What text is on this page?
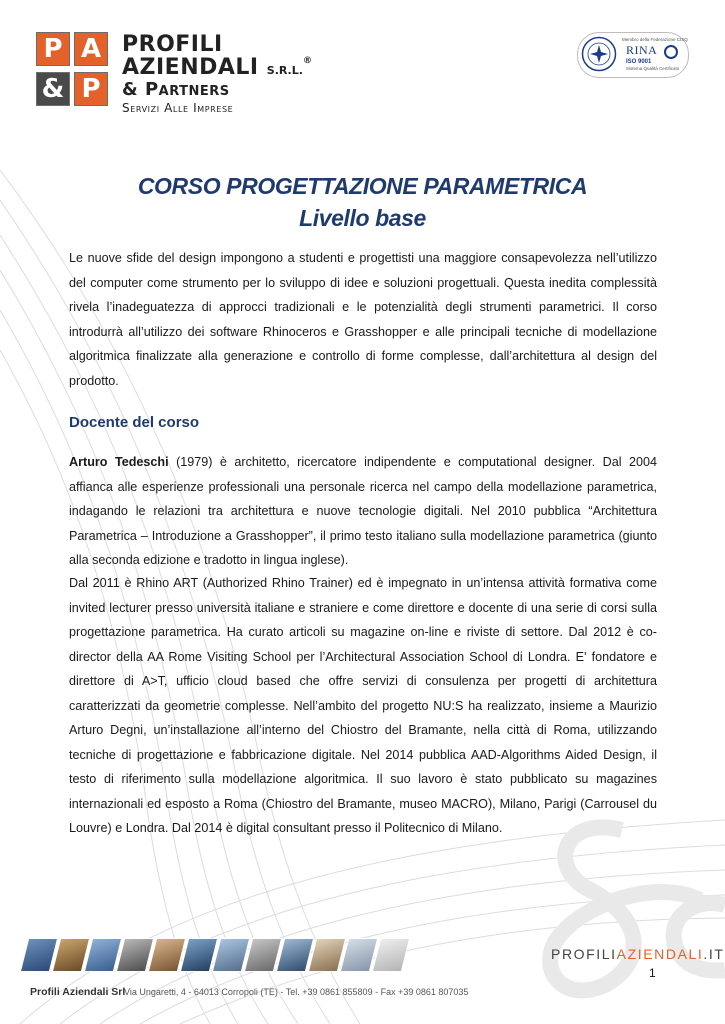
P A
& P
PROFILI
AZIENDALI S.R.L.®
& Partners
Servizi Alle Imprese
Membro della Federazione CISQ
RINA
ISO 9001
Sistema Qualità Certificato
CORSO PROGETTAZIONE PARAMETRICA
Livello base

Le nuove sfide del design impongono a studenti e progettisti una maggiore consapevolezza nell’utilizzo del computer come strumento per lo sviluppo di idee e soluzioni progettuali. Questa inedita complessità rivela l’inadeguatezza di approcci tradizionali e le potenzialità degli strumenti parametrici. Il corso introdurrà all’utilizzo dei software Rhinoceros e Grasshopper e alle principali tecniche di modellazione algoritmica finalizzate alla generazione e controllo di forme complesse, dall’architettura al design del prodotto.

Docente del corso

Arturo Tedeschi (1979) è architetto, ricercatore indipendente e computational designer. Dal 2004 affianca alle esperienze professionali una personale ricerca nel campo della modellazione parametrica, indagando le relazioni tra architettura e nuove tecnologie digitali. Nel 2010 pubblica “Architettura Parametrica – Introduzione a Grasshopper”, il primo testo italiano sulla modellazione parametrica (giunto alla seconda edizione e tradotto in lingua inglese).

Dal 2011 è Rhino ART (Authorized Rhino Trainer) ed è impegnato in un’intensa attività formativa come invited lecturer presso università italiane e straniere e come direttore e docente di una serie di corsi sulla progettazione parametrica. Ha curato articoli su magazine on-line e riviste di settore. Dal 2012 è co-director della AA Rome Visiting School per l’Architectural Association School di Londra. E' fondatore e direttore di A>T, ufficio cloud based che offre servizi di consulenza per progetti di architettura caratterizzati da geometrie complesse. Nell’ambito del progetto NU:S ha realizzato, insieme a Maurizio Arturo Degni, un’installazione all’interno del Chiostro del Bramante, nella città di Roma, utilizzando tecniche di progettazione e fabbricazione digitale. Nel 2014 pubblica AAD-Algorithms Aided Design, il testo di riferimento sulla modellazione algoritmica. Il suo lavoro è stato pubblicato su magazines internazionali ed esposto a Roma (Chiostro del Bramante, museo MACRO), Milano, Parigi (Carrousel du Louvre) e Londra. Dal 2014 è digital consultant presso il Politecnico di Milano.

PROFILIAZIENDALI.IT
1
Profili Aziendali Srl
Via Ungaretti, 4 - 64013 Corropoli (TE) - Tel. +39 0861 855809 - Fax +39 0861 807035
